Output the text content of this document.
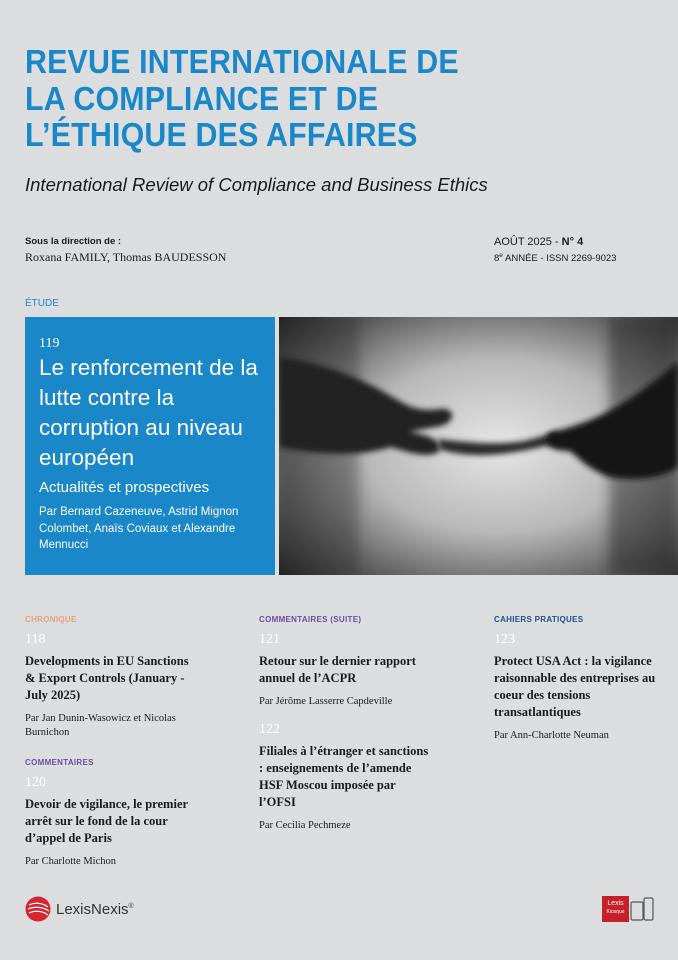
REVUE INTERNATIONALE DE
LA COMPLIANCE ET DE
L’ÉTHIQUE DES AFFAIRES
International Review of Compliance and Business Ethics
Sous la direction de :
Roxana FAMILY, Thomas BAUDESSON
AOÛT 2025 - N° 4
8e ANNÉE - ISSN 2269-9023
ÉTUDE
119
Le renforcement de la lutte contre la corruption au niveau européen
Actualités et prospectives
Par Bernard Cazeneuve, Astrid Mignon Colombet, Anaïs Coviaux et Alexandre Mennucci
CHRONIQUE
118
Developments in EU Sanctions & Export Controls (January - July 2025)
Par Jan Dunin-Wasowicz et Nicolas Burnichon
COMMENTAIRES
120
Devoir de vigilance, le premier arrêt sur le fond de la cour d’appel de Paris
Par Charlotte Michon
COMMENTAIRES (SUITE)
121
Retour sur le dernier rapport annuel de l’ACPR
Par Jérôme Lasserre Capdeville
122
Filiales à l’étranger et sanctions : enseignements de l’amende HSF Moscou imposée par l’OFSI
Par Cecilia Pechmeze
CAHIERS PRATIQUES
123
Protect USA Act : la vigilance raisonnable des entreprises au coeur des tensions transatlantiques
Par Ann-Charlotte Neuman
LexisNexis®	Lexis
Kiosque
